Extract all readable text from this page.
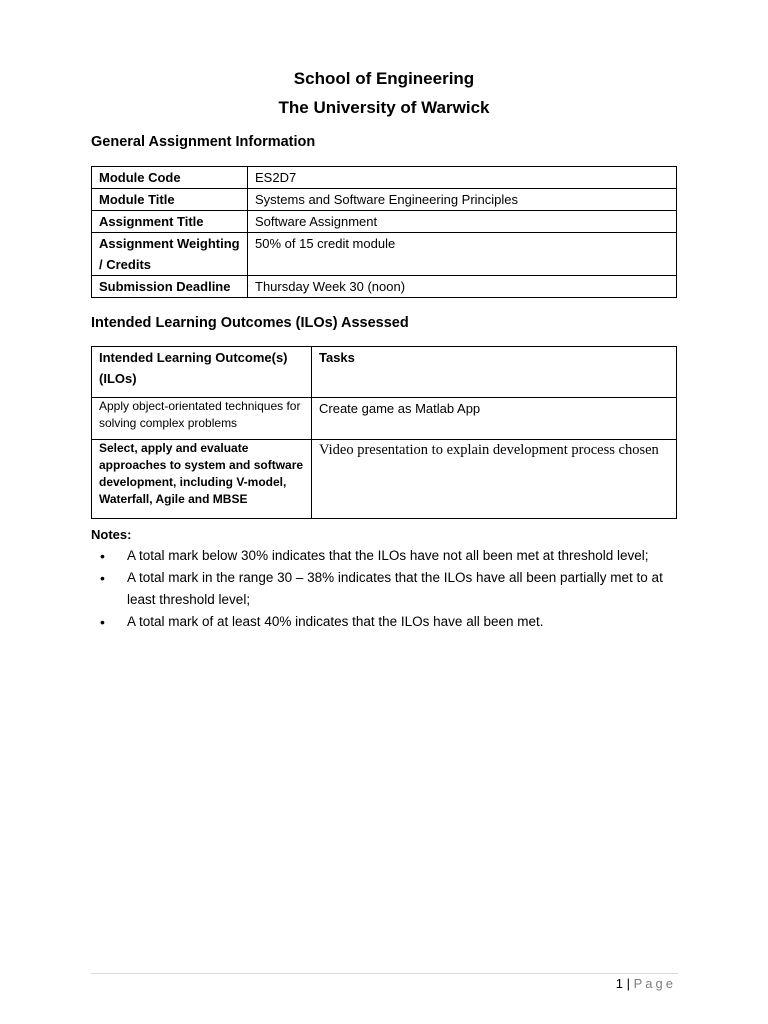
School of Engineering
The University of Warwick
General Assignment Information
Module Code	ES2D7
Module Title	Systems and Software Engineering Principles
Assignment Title	Software Assignment
Assignment Weighting / Credits	50% of 15 credit module
Submission Deadline	Thursday Week 30 (noon)
Intended Learning Outcomes (ILOs) Assessed
Intended Learning Outcome(s) (ILOs)	Tasks
Apply object-orientated techniques for solving complex problems	Create game as Matlab App
Select, apply and evaluate approaches to system and software development, including V-model, Waterfall, Agile and MBSE	Video presentation to explain development process chosen
Notes:
• A total mark below 30% indicates that the ILOs have not all been met at threshold level;
• A total mark in the range 30 – 38% indicates that the ILOs have all been partially met to at least threshold level;
• A total mark of at least 40% indicates that the ILOs have all been met.
1 | Page
